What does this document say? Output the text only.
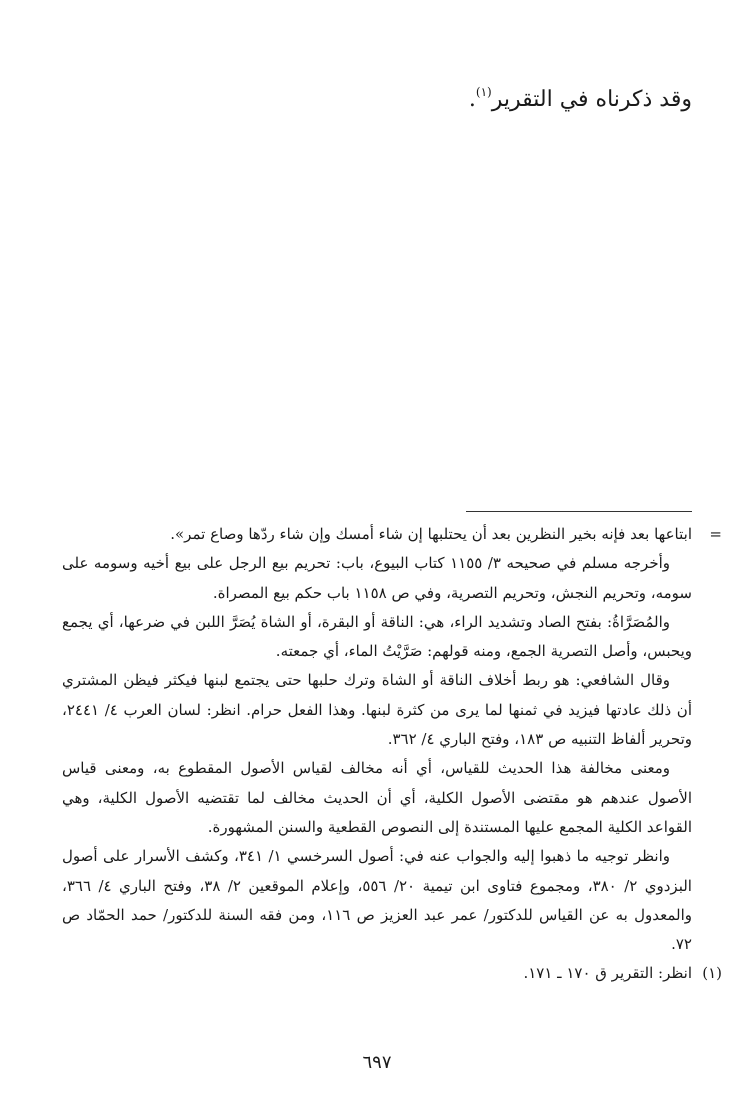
وقد ذكرناه في التقرير$^{(١)}$.

=
ابتاعها بعد فإنه بخير النظرين بعد أن يحتلبها إن شاء أمسك وإن شاء ردّها وصاع تمر».

وأخرجه مسلم في صحيحه ٣/ ١١٥٥ كتاب البيوع، باب: تحريم بيع الرجل على بيع أخيه وسومه على سومه، وتحريم النجش، وتحريم التصرية، وفي ص ١١٥٨ باب حكم بيع المصراة.

والمُصَرَّاةُ: بفتح الصاد وتشديد الراء، هي: الناقة أو البقرة، أو الشاة يُصَرَّ اللبن في ضرعها، أي يجمع ويحبس، وأصل التصرية الجمع، ومنه قولهم: صَرَّيْتُ الماء، أي جمعته.

وقال الشافعي: هو ربط أخلاف الناقة أو الشاة وترك حلبها حتى يجتمع لبنها فيكثر فيظن المشتري أن ذلك عادتها فيزيد في ثمنها لما يرى من كثرة لبنها. وهذا الفعل حرام. انظر: لسان العرب ٤/ ٢٤٤١، وتحرير ألفاظ التنبيه ص ١٨٣، وفتح الباري ٤/ ٣٦٢.

ومعنى مخالفة هذا الحديث للقياس، أي أنه مخالف لقياس الأصول المقطوع به، ومعنى قياس الأصول عندهم هو مقتضى الأصول الكلية، أي أن الحديث مخالف لما تقتضيه الأصول الكلية، وهي القواعد الكلية المجمع عليها المستندة إلى النصوص القطعية والسنن المشهورة.

وانظر توجيه ما ذهبوا إليه والجواب عنه في: أصول السرخسي ١/ ٣٤١، وكشف الأسرار على أصول البزدوي ٢/ ٣٨٠، ومجموع فتاوى ابن تيمية ٢٠/ ٥٥٦، وإعلام الموقعين ٢/ ٣٨، وفتح الباري ٤/ ٣٦٦، والمعدول به عن القياس للدكتور/ عمر عبد العزيز ص ١١٦، ومن فقه السنة للدكتور/ حمد الحمّاد ص ٧٢.

(١)
انظر: التقرير ق ١٧٠ ـ ١٧١.

٦٩٧
